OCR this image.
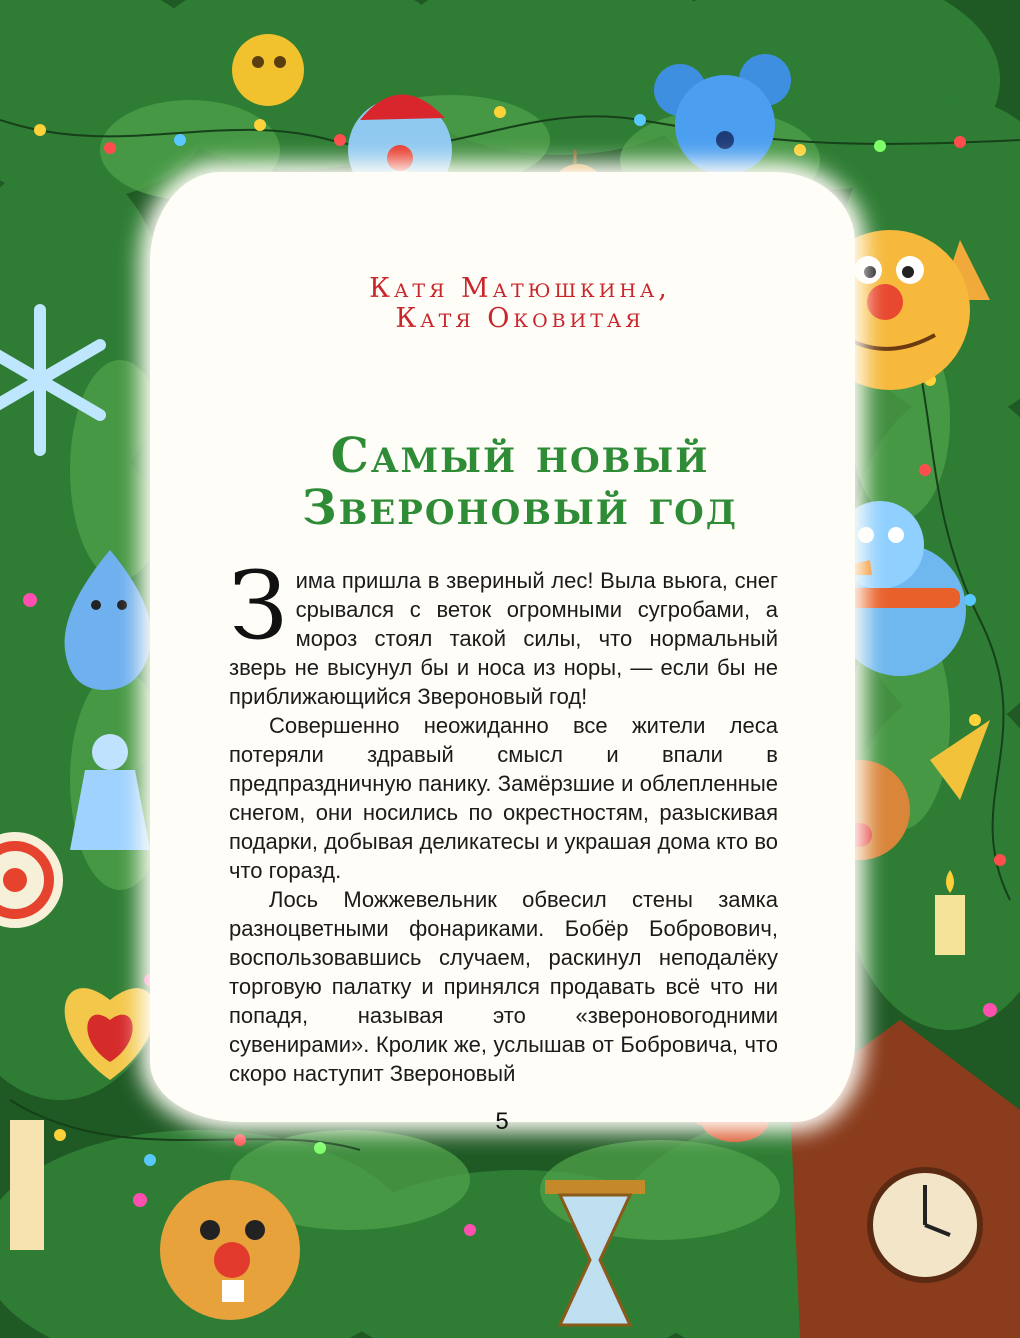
Катя Матюшкина,
Катя Оковитая
Самый новый
Звероновый год

Зима пришла в звериный лес! Выла вьюга, снег срывался с веток огромными сугробами, а мороз стоял такой силы, что нормальный зверь не высунул бы и носа из норы, — если бы не приближающийся Звероновый год!

Совершенно неожиданно все жители леса потеряли здравый смысл и впали в предпраздничную панику. Замёрзшие и облепленные снегом, они носились по окрестностям, разыскивая подарки, добывая деликатесы и украшая дома кто во что горазд.

Лось Можжевельник обвесил стены замка разноцветными фонариками. Бобёр Бобровович, воспользовавшись случаем, раскинул неподалёку торговую палатку и принялся продавать всё что ни попадя, называя это «звероновогодними сувенирами». Кролик же, услышав от Бобровича, что скоро наступит Звероновый

5
